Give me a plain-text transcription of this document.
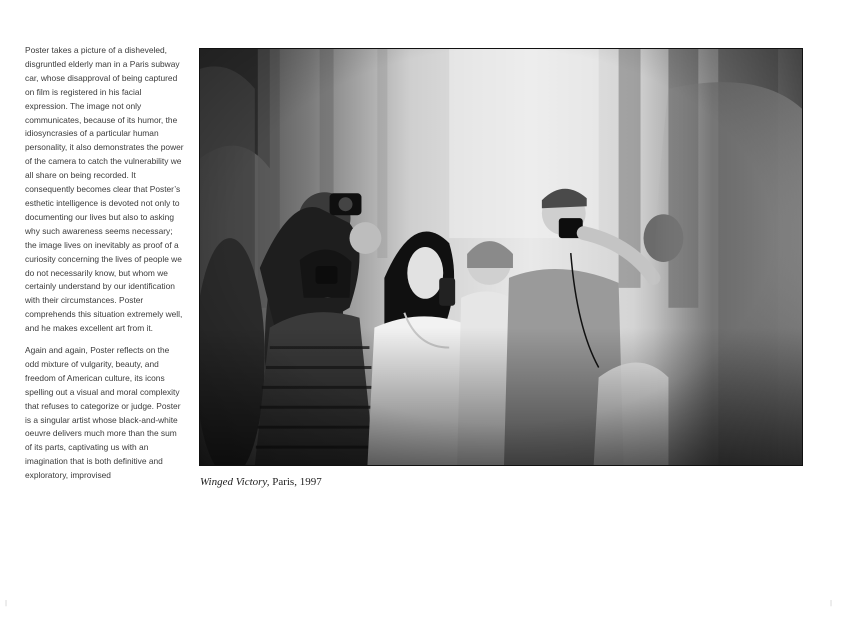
Poster takes a picture of a disheveled, disgruntled elderly man in a Paris subway car, whose disapproval of being captured on film is registered in his facial expression. The image not only communicates, because of its humor, the idiosyncrasies of a particular human personality, it also demonstrates the power of the camera to catch the vulnerability we all share on being recorded. It consequently becomes clear that Poster’s esthetic intelligence is devoted not only to documenting our lives but also to asking why such awareness seems necessary; the image lives on inevitably as proof of a curiosity concerning the lives of people we do not necessarily know, but whom we certainly understand by our identification with their circumstances. Poster comprehends this situation extremely well, and he makes excellent art from it.

Again and again, Poster reflects on the odd mixture of vulgarity, beauty, and freedom of American culture, its icons spelling out a visual and moral complexity that refuses to categorize or judge. Poster is a singular artist whose black-and-white oeuvre delivers much more than the sum of its parts, captivating us with an imagination that is both definitive and exploratory, improvised

Winged Victory, Paris, 1997
|	|
